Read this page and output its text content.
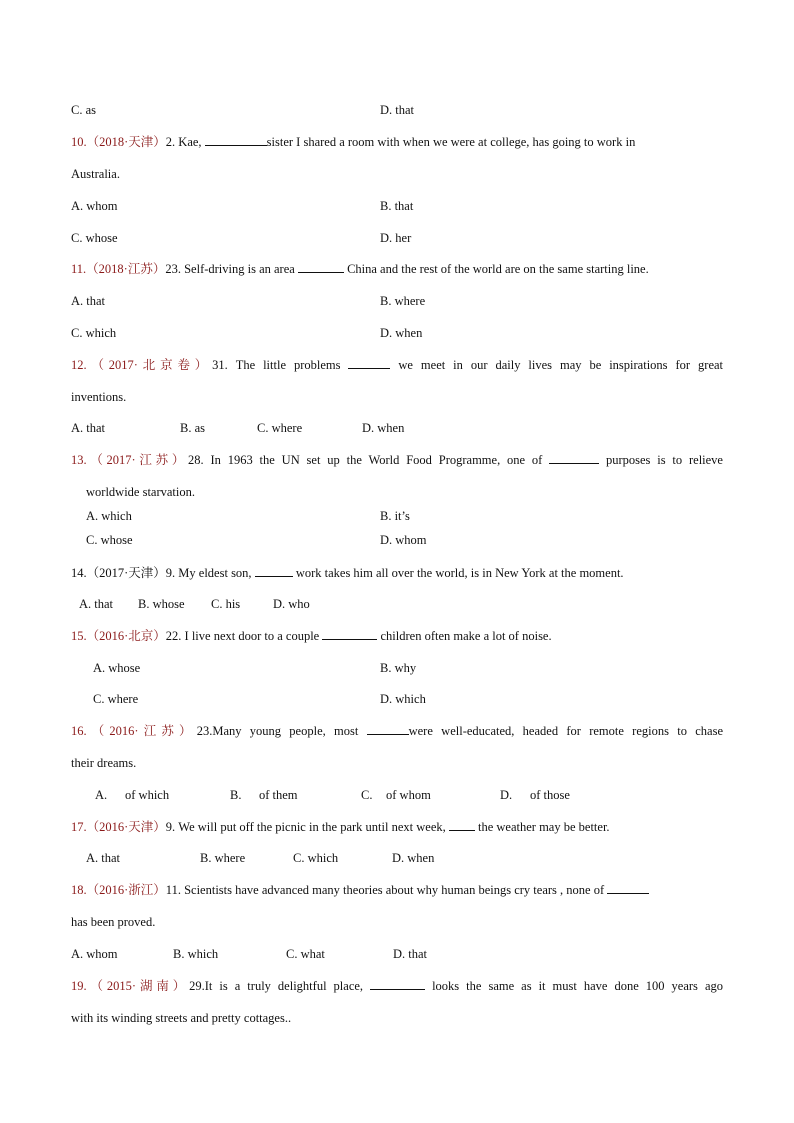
C. as	D. that
10.（2018·天津）2. Kae,	sister I shared a room with when we were at college, has going to work in
Australia.
A. whom	B. that
C. whose	D. her
11.（2018·江苏）23. Self-driving is an area	China and the rest of the world are on the same starting line.
A. that	B. where
C. which	D. when
12.（2017·北京卷）31. The little problems	we meet in our daily lives may be inspirations for great
inventions.
A. that	B. as	C. where	D. when
13.（2017·江苏）28. In 1963 the UN set up the World Food Programme, one of	purposes is to relieve
worldwide starvation.
A. which	B. it’s
C. whose	D. whom
14.（2017·天津）9. My eldest son,	work takes him all over the world, is in New York at the moment.
A. that B. whose C. his	D. who
15.（2016·北京）22. I live next door to a couple	children often make a lot of noise.
A. whose	B. why
C. where	D. which
16.（2016·江苏）23.Many young people, most	were well-educated, headed for remote regions to chase
their dreams.
A. of which	B. of them	C. of whom	D. of those
17.（2016·天津）9. We will put off the picnic in the park until next week,  the weather may be better.
A. that	B. where	C. which	D. when
18.（2016·浙江）11. Scientists have advanced many theories about why human beings cry tears , none of
has been proved.
A. whom	B. which	C. what	D. that
19.（2015·湖南）29.It is a truly delightful place,	looks the same as it must have done 100 years ago
with its winding streets and pretty cottages..
